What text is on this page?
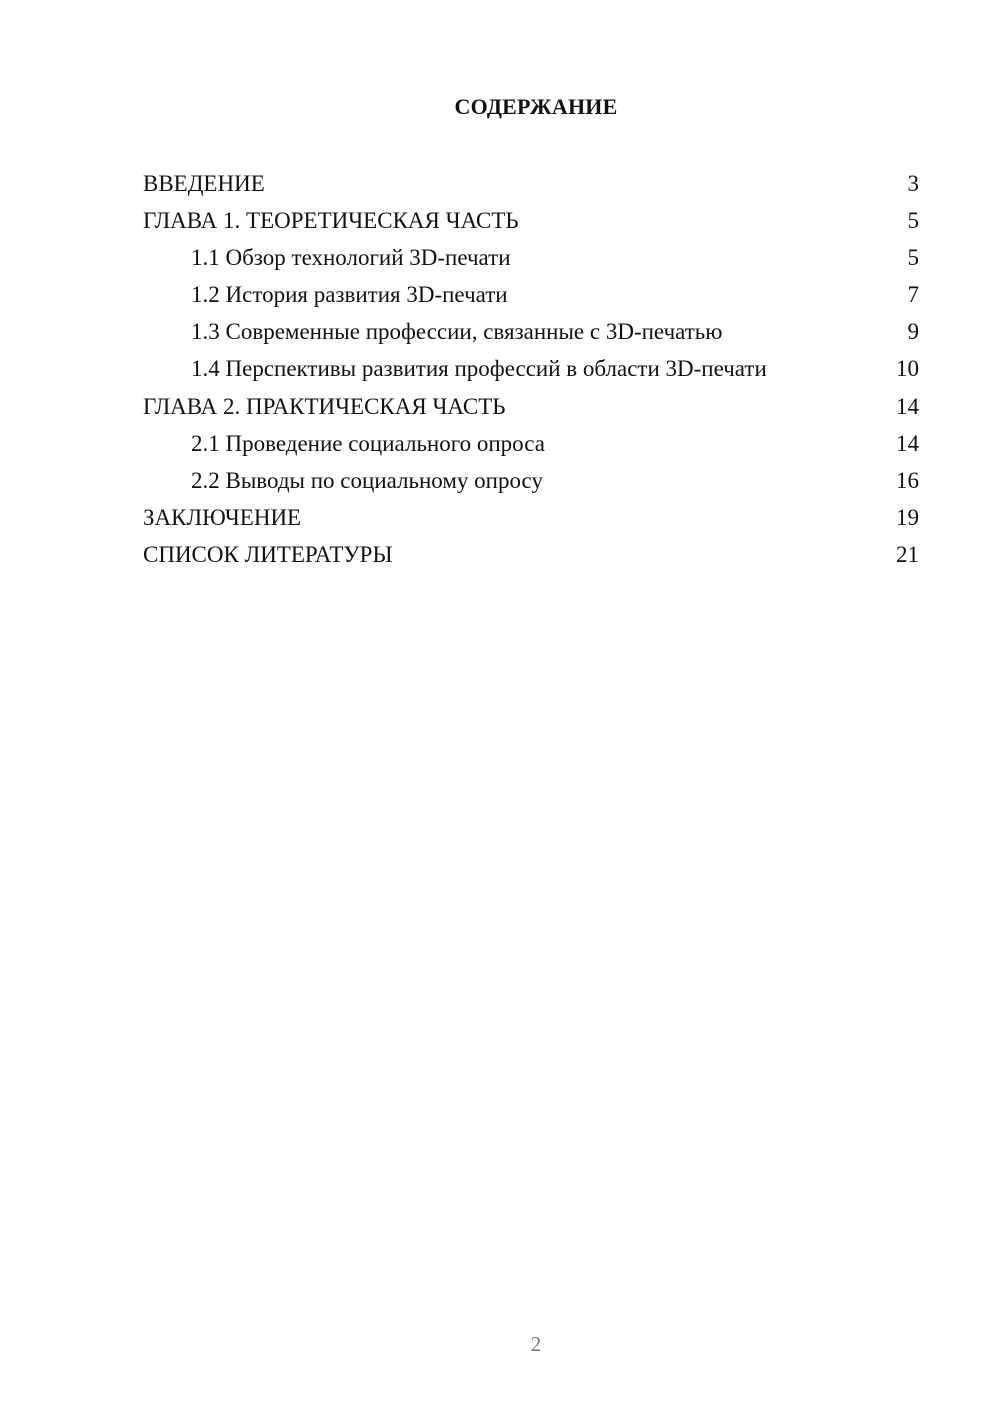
СОДЕРЖАНИЕ
ВВЕДЕНИЕ	3
ГЛАВА 1. ТЕОРЕТИЧЕСКАЯ ЧАСТЬ	5
1.1 Обзор технологий 3D-печати	5
1.2 История развития 3D-печати	7
1.3 Современные профессии, связанные с 3D-печатью	9
1.4 Перспективы развития профессий в области 3D-печати	10
ГЛАВА 2. ПРАКТИЧЕСКАЯ ЧАСТЬ	14
2.1 Проведение социального опроса	14
2.2 Выводы по социальному опросу	16
ЗАКЛЮЧЕНИЕ	19
СПИСОК ЛИТЕРАТУРЫ	21
2
